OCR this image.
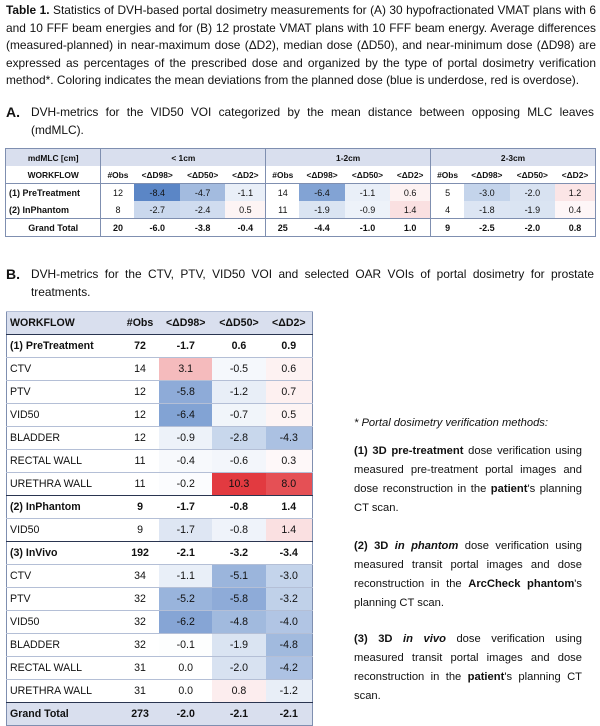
Table 1. Statistics of DVH-based portal dosimetry measurements for (A) 30 hypofractionated VMAT plans with 6 and 10 FFF beam energies and for (B) 12 prostate VMAT plans with 10 FFF beam energy. Average differences (measured-planned) in near-maximum dose (ΔD2), median dose (ΔD50), and near-minimum dose (ΔD98) are expressed as percentages of the prescribed dose and organized by the type of portal dosimetry verification method*. Coloring indicates the mean deviations from the planned dose (blue is underdose, red is overdose).
A. DVH-metrics for the VID50 VOI categorized by the mean distance between opposing MLC leaves (mdMLC).
mdMLC [cm]	< 1cm				1-2cm				2-3cm			
WORKFLOW	#Obs	<ΔD98>	<ΔD50>	<ΔD2>	#Obs	<ΔD98>	<ΔD50>	<ΔD2>	#Obs	<ΔD98>	<ΔD50>	<ΔD2>
(1) PreTreatment	12	-8.4	-4.7	-1.1	14	-6.4	-1.1	0.6	5	-3.0	-2.0	1.2
(2) InPhantom	8	-2.7	-2.4	0.5	11	-1.9	-0.9	1.4	4	-1.8	-1.9	0.4
Grand Total	20	-6.0	-3.8	-0.4	25	-4.4	-1.0	1.0	9	-2.5	-2.0	0.8
B. DVH-metrics for the CTV, PTV, VID50 VOI and selected OAR VOIs of portal dosimetry for prostate treatments.
WORKFLOW	#Obs	<ΔD98>	<ΔD50>	<ΔD2>
(1) PreTreatment	72	-1.7	0.6	0.9
CTV	14	3.1	-0.5	0.6
PTV	12	-5.8	-1.2	0.7
VID50	12	-6.4	-0.7	0.5
BLADDER	12	-0.9	-2.8	-4.3
RECTAL WALL	11	-0.4	-0.6	0.3
URETHRA WALL	11	-0.2	10.3	8.0
(2) InPhantom	9	-1.7	-0.8	1.4
VID50	9	-1.7	-0.8	1.4
(3) InVivo	192	-2.1	-3.2	-3.4
CTV	34	-1.1	-5.1	-3.0
PTV	32	-5.2	-5.8	-3.2
VID50	32	-6.2	-4.8	-4.0
BLADDER	32	-0.1	-1.9	-4.8
RECTAL WALL	31	0.0	-2.0	-4.2
URETHRA WALL	31	0.0	0.8	-1.2
Grand Total	273	-2.0	-2.1	-2.1
* Portal dosimetry verification methods:
(1) 3D pre-treatment dose verification using measured pre-treatment portal images and dose reconstruction in the patient's planning CT scan.
(2) 3D in phantom dose verification using measured transit portal images and dose reconstruction in the ArcCheck phantom's planning CT scan.
(3) 3D in vivo dose verification using measured transit portal images and dose reconstruction in the patient's planning CT scan.
